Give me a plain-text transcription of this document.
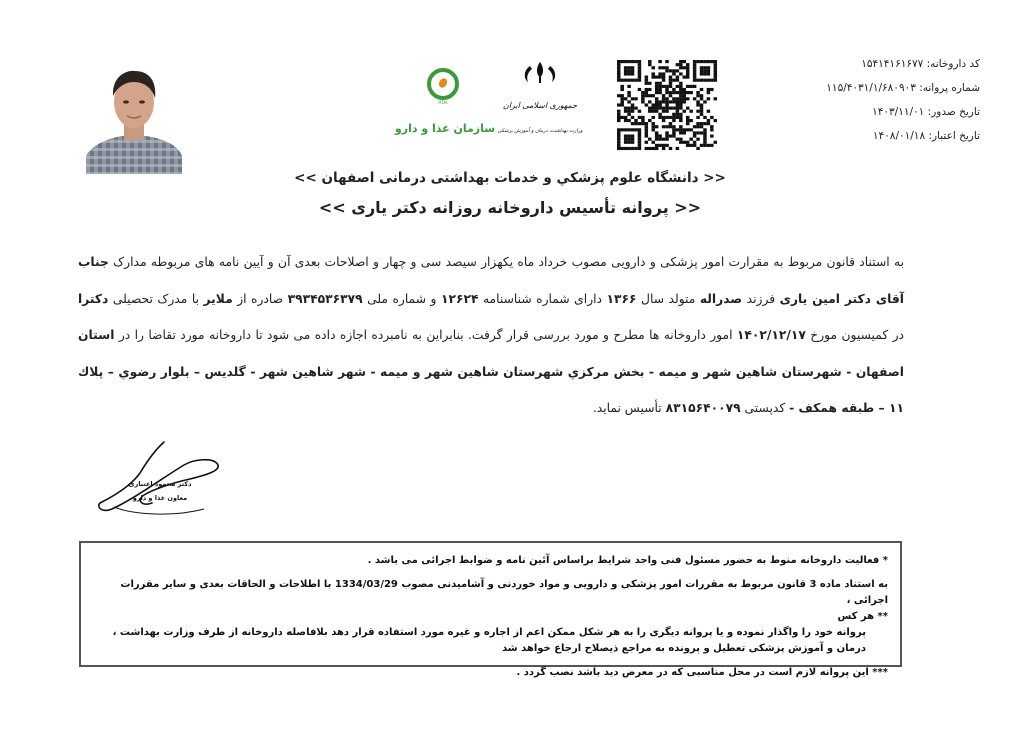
کد داروخانه: ۱۵۴۱۴۱۶۱۶۷۷
شماره پروانه: ۱۱۵/۴۰۳۱/۱/۶۸۰۹۰۳
تاریخ صدور: ۱۴۰۳/۱۱/۰۱
تاریخ اعتبار: ۱۴۰۸/۰۱/۱۸
جمهوری اسلامی ایران
وزارت بهداشت، درمان و آموزش پزشکی
IFDA
سازمان غذا و دارو
<< دانشگاه علوم پزشکي و خدمات بهداشتی درمانی اصفهان >>
<< پروانه تأسیس داروخانه روزانه دکتر یاری >>
به استناد قانون مربوط به مقرارت امور پزشکی و دارویی مصوب خرداد ماه یکهزار سیصد سی و چهار و اصلاحات بعدی آن و آیین نامه های مربوطه مدارک جناب آقای دکتر امین یاری فرزند صدراله متولد سال ۱۳۶۶ دارای شماره شناسنامه ۱۲۶۲۴ و شماره ملی ۳۹۳۴۵۳۶۳۷۹ صادره از ملایر با مدرک تحصیلی دکترا در کمیسیون مورخ ۱۴۰۲/۱۲/۱۷ امور داروخانه ها مطرح و مورد بررسی قرار گرفت. بنابراین به نامبرده اجازه داده می شود تا داروخانه مورد تقاضا را در استان اصفهان - شهرستان شاهین شهر و میمه - بخش مرکزي شهرستان شاهین شهر و میمه - شهر شاهین شهر - گلدیس – بلوار رضوي – پلاك ۱۱ – طبقه همکف - کدپستی ۸۳۱۵۶۴۰۰۷۹ تأسیس نماید.
دکتر محمود اعتباری
معاون غذا و دارو

* فعالیت داروخانه منوط به حضور مسئول فنی واجد شرایط براساس آئین نامه و ضوابط اجرائی می باشد .

به استناد ماده 3 قانون مربوط به مقررات امور پزشکی و دارویی و مواد خوردنی و آشامیدنی مصوب 1334/03/29 با اطلاحات و الحاقات بعدی و سایر مقررات اجرائی ،

** هر کس

پروانه خود را واگذار نموده و یا پروانه دیگری را به هر شکل ممکن اعم از اجاره و غیره مورد استفاده قرار دهد بلافاصله داروخانه از طرف وزارت بهداشت ، درمان و آموزش پزشکی تعطیل و پرونده به مراجع ذیصلاح ارجاع خواهد شد

*** این پروانه لازم است در محل مناسبی که در معرض دید باشد نصب گردد .
